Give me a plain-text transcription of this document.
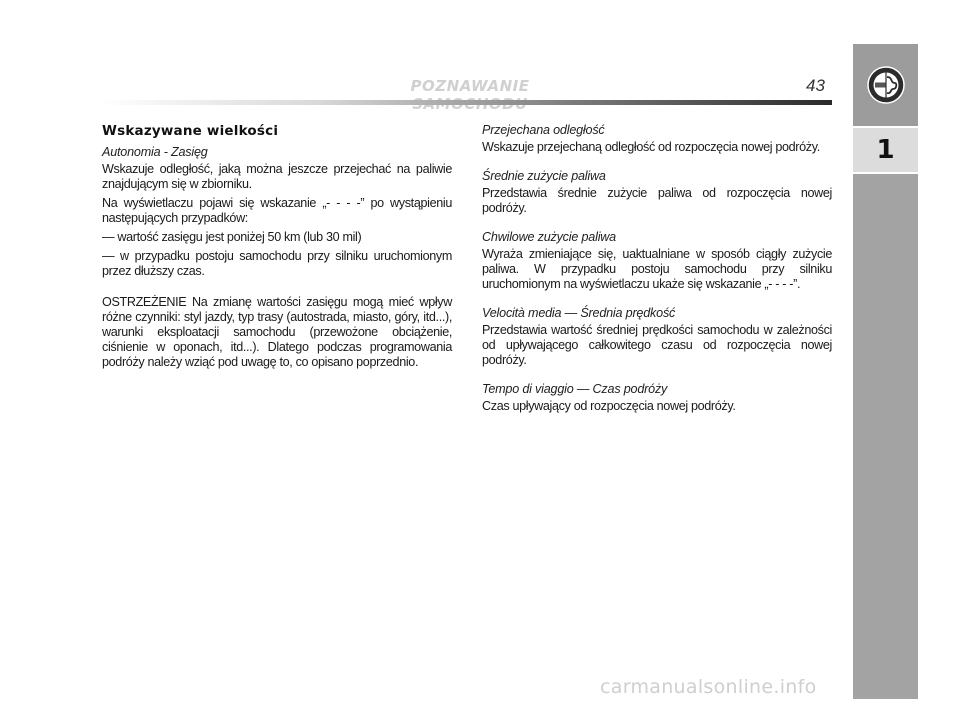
POZNAWANIE	43
Wskazywane wielkości
Autonomia - Zasięg
Wskazuje odległość, jaką można jeszcze przejechać na paliwie znajdującym się w zbiorniku.
Na wyświetlaczu pojawi się wskazanie „- - - -” po wystąpieniu następujących przypadków:
— wartość zasięgu jest poniżej 50 km (lub 30 mil)
— w przypadku postoju samochodu przy silniku uruchomionym przez dłuższy czas.
OSTRZEŻENIE Na zmianę wartości zasięgu mogą mieć wpływ różne czynniki: styl jazdy, typ trasy (autostrada, miasto, góry, itd...), warunki eksploatacji samochodu (przewożone obciążenie, ciśnienie w oponach, itd...). Dlatego podczas programowania podróży należy wziąć pod uwagę to, co opisano poprzednio.
Przejechana odległość
Wskazuje przejechaną odległość od rozpoczęcia nowej podróży.
Średnie zużycie paliwa
Przedstawia średnie zużycie paliwa od rozpoczęcia nowej podróży.
Chwilowe zużycie paliwa
Wyraża zmieniające się, uaktualniane w sposób ciągły zużycie paliwa. W przypadku postoju samochodu przy silniku uruchomionym na wyświetlaczu ukaże się wskazanie „- - - -”.
Velocità media — Średnia prędkość
Przedstawia wartość średniej prędkości samochodu w zależności od upływającego całkowitego czasu od rozpoczęcia nowej podróży.
Tempo di viaggio — Czas podróży
Czas upływający od rozpoczęcia nowej podróży.
1
carmanualsonline.info
